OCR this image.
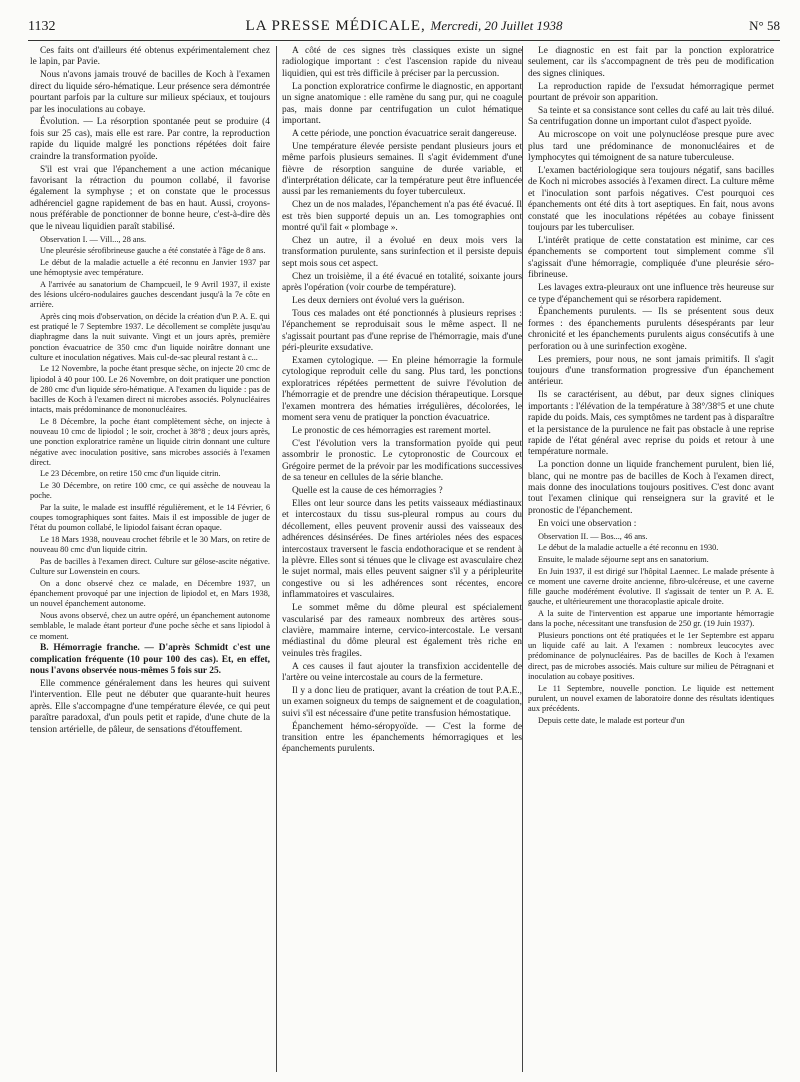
1132	LA PRESSE MÉDICALE, Mercredi, 20 Juillet 1938	N° 58

Ces faits ont d'ailleurs été obtenus expérimentalement chez le lapin, par Pavie.

Nous n'avons jamais trouvé de bacilles de Koch à l'examen direct du liquide séro-hématique. Leur présence sera démontrée pourtant parfois par la culture sur milieux spéciaux, et toujours par les inoculations au cobaye.

Évolution. — La résorption spontanée peut se produire (4 fois sur 25 cas), mais elle est rare. Par contre, la reproduction rapide du liquide malgré les ponctions répétées doit faire craindre la transformation pyoïde.

S'il est vrai que l'épanchement a une action mécanique favorisant la rétraction du poumon collabé, il favorise également la symphyse ; et on constate que le processus adhérenciel gagne rapidement de bas en haut. Aussi, croyons-nous préférable de ponctionner de bonne heure, c'est-à-dire dès que le niveau liquidien paraît stabilisé.

Observation I. — Vill..., 28 ans.

Une pleurésie sérofibrineuse gauche a été constatée à l'âge de 8 ans.

Le début de la maladie actuelle a été reconnu en Janvier 1937 par une hémoptysie avec température.

A l'arrivée au sanatorium de Champcueil, le 9 Avril 1937, il existe des lésions ulcéro-nodulaires gauches descendant jusqu'à la 7e côte en arrière.

Après cinq mois d'observation, on décide la création d'un P. A. E. qui est pratiqué le 7 Septembre 1937. Le décollement se complète jusqu'au diaphragme dans la nuit suivante. Vingt et un jours après, première ponction évacuatrice de 350 cmc d'un liquide noirâtre donnant une culture et inoculation négatives. Mais cul-de-sac pleural restant à c...

Le 12 Novembre, la poche étant presque sèche, on injecte 20 cmc de lipiodol à 40 pour 100. Le 26 Novembre, on doit pratiquer une ponction de 280 cmc d'un liquide séro-hématique. A l'examen du liquide : pas de bacilles de Koch à l'examen direct ni microbes associés. Polynucléaires intacts, mais prédominance de mononucléaires.

Le 8 Décembre, la poche étant complètement sèche, on injecte à nouveau 10 cmc de lipiodol ; le soir, crochet à 38°8 ; deux jours après, une ponction exploratrice ramène un liquide citrin donnant une culture négative avec inoculation positive, sans microbes associés à l'examen direct.

Le 23 Décembre, on retire 150 cmc d'un liquide citrin.

Le 30 Décembre, on retire 100 cmc, ce qui assèche de nouveau la poche.

Par la suite, le malade est insufflé régulièrement, et le 14 Février, 6 coupes tomographiques sont faites. Mais il est impossible de juger de l'état du poumon collabé, le lipiodol faisant écran opaque.

Le 18 Mars 1938, nouveau crochet fébrile et le 30 Mars, on retire de nouveau 80 cmc d'un liquide citrin.

Pas de bacilles à l'examen direct. Culture sur gélose-ascite négative. Culture sur Lowenstein en cours.

On a donc observé chez ce malade, en Décembre 1937, un épanchement provoqué par une injection de lipiodol et, en Mars 1938, un nouvel épanchement autonome.

Nous avons observé, chez un autre opéré, un épanchement autonome semblable, le malade étant porteur d'une poche sèche et sans lipiodol à ce moment.

B. Hémorragie franche. — D'après Schmidt c'est une complication fréquente (10 pour 100 des cas). Et, en effet, nous l'avons observée nous-mêmes 5 fois sur 25.

Elle commence généralement dans les heures qui suivent l'intervention. Elle peut ne débuter que quarante-huit heures après. Elle s'accompagne d'une température élevée, ce qui peut paraître paradoxal, d'un pouls petit et rapide, d'une chute de la tension artérielle, de pâleur, de sensations d'étouffement.

A côté de ces signes très classiques existe un signe radiologique important : c'est l'ascension rapide du niveau liquidien, qui est très difficile à préciser par la percussion.

La ponction exploratrice confirme le diagnostic, en apportant un signe anatomique : elle ramène du sang pur, qui ne coagule pas, mais donne par centrifugation un culot hématique important.

A cette période, une ponction évacuatrice serait dangereuse.

Une température élevée persiste pendant plusieurs jours et même parfois plusieurs semaines. Il s'agit évidemment d'une fièvre de résorption sanguine de durée variable, et d'interprétation délicate, car la température peut être influencée aussi par les remaniements du foyer tuberculeux.

Chez un de nos malades, l'épanchement n'a pas été évacué. Il est très bien supporté depuis un an. Les tomographies ont montré qu'il fait « plombage ».

Chez un autre, il a évolué en deux mois vers la transformation purulente, sans surinfection et il persiste depuis sept mois sous cet aspect.

Chez un troisième, il a été évacué en totalité, soixante jours après l'opération (voir courbe de température).

Les deux derniers ont évolué vers la guérison.

Tous ces malades ont été ponctionnés à plusieurs reprises : l'épanchement se reproduisait sous le même aspect. Il ne s'agissait pourtant pas d'une reprise de l'hémorragie, mais d'une péri-pleurite exsudative.

Examen cytologique. — En pleine hémorragie la formule cytologique reproduit celle du sang. Plus tard, les ponctions exploratrices répétées permettent de suivre l'évolution de l'hémorragie et de prendre une décision thérapeutique. Lorsque l'examen montrera des hématies irrégulières, décolorées, le moment sera venu de pratiquer la ponction évacuatrice.

Le pronostic de ces hémorragies est rarement mortel.

C'est l'évolution vers la transformation pyoïde qui peut assombrir le pronostic. Le cytopronostic de Courcoux et Grégoire permet de la prévoir par les modifications successives de sa teneur en cellules de la série blanche.

Quelle est la cause de ces hémorragies ?

Elles ont leur source dans les petits vaisseaux médiastinaux et intercostaux du tissu sus-pleural rompus au cours du décollement, elles peuvent provenir aussi des vaisseaux des adhérences désinsérées. De fines artérioles nées des espaces intercostaux traversent le fascia endothoracique et se rendent à la plèvre. Elles sont si ténues que le clivage est avasculaire chez le sujet normal, mais elles peuvent saigner s'il y a péripleurite congestive ou si les adhérences sont récentes, encore inflammatoires et vasculaires.

Le sommet même du dôme pleural est spécialement vascularisé par des rameaux nombreux des artères sous-clavière, mammaire interne, cervico-intercostale. Le versant médiastinal du dôme pleural est également très riche en veinules très fragiles.

A ces causes il faut ajouter la transfixion accidentelle de l'artère ou veine intercostale au cours de la fermeture.

Il y a donc lieu de pratiquer, avant la création de tout P.A.E., un examen soigneux du temps de saignement et de coagulation, suivi s'il est nécessaire d'une petite transfusion hémostatique.

Épanchement hémo-séropyoïde. — C'est la forme de transition entre les épanchements hémorragiques et les épanchements purulents.

Le diagnostic en est fait par la ponction exploratrice seulement, car ils s'accompagnent de très peu de modification des signes cliniques.

La reproduction rapide de l'exsudat hémorragique permet pourtant de prévoir son apparition.

Sa teinte et sa consistance sont celles du café au lait très dilué. Sa centrifugation donne un important culot d'aspect pyoïde.

Au microscope on voit une polynucléose presque pure avec plus tard une prédominance de mononucléaires et de lymphocytes qui témoignent de sa nature tuberculeuse.

L'examen bactériologique sera toujours négatif, sans bacilles de Koch ni microbes associés à l'examen direct. La culture même et l'inoculation sont parfois négatives. C'est pourquoi ces épanchements ont été dits à tort aseptiques. En fait, nous avons constaté que les inoculations répétées au cobaye finissent toujours par les tuberculiser.

L'intérêt pratique de cette constatation est minime, car ces épanchements se comportent tout simplement comme s'il s'agissait d'une hémorragie, compliquée d'une pleurésie séro-fibrineuse.

Les lavages extra-pleuraux ont une influence très heureuse sur ce type d'épanchement qui se résorbera rapidement.

Épanchements purulents. — Ils se présentent sous deux formes : des épanchements purulents désespérants par leur chronicité et les épanchements purulents aigus consécutifs à une perforation ou à une surinfection exogène.

Les premiers, pour nous, ne sont jamais primitifs. Il s'agit toujours d'une transformation progressive d'un épanchement antérieur.

Ils se caractérisent, au début, par deux signes cliniques importants : l'élévation de la température à 38°/38°5 et une chute rapide du poids. Mais, ces symptômes ne tardent pas à disparaître et la persistance de la purulence ne fait pas obstacle à une reprise rapide de l'état général avec reprise du poids et retour à une température normale.

La ponction donne un liquide franchement purulent, bien lié, blanc, qui ne montre pas de bacilles de Koch à l'examen direct, mais donne des inoculations toujours positives. C'est donc avant tout l'examen clinique qui renseignera sur la gravité et le pronostic de l'épanchement.

En voici une observation :

Observation II. — Bos..., 46 ans.

Le début de la maladie actuelle a été reconnu en 1930.

Ensuite, le malade séjourne sept ans en sanatorium.

En Juin 1937, il est dirigé sur l'hôpital Laennec. Le malade présente à ce moment une caverne droite ancienne, fibro-ulcéreuse, et une caverne fille gauche modérément évolutive. Il s'agissait de tenter un P. A. E. gauche, et ultérieurement une thoracoplastie apicale droite.

A la suite de l'intervention est apparue une importante hémorragie dans la poche, nécessitant une transfusion de 250 gr. (19 Juin 1937).

Plusieurs ponctions ont été pratiquées et le 1er Septembre est apparu un liquide café au lait. A l'examen : nombreux leucocytes avec prédominance de polynucléaires. Pas de bacilles de Koch à l'examen direct, pas de microbes associés. Mais culture sur milieu de Pétragnani et inoculation au cobaye positives.

Le 11 Septembre, nouvelle ponction. Le liquide est nettement purulent, un nouvel examen de laboratoire donne des résultats identiques aux précédents.

Depuis cette date, le malade est porteur d'un
